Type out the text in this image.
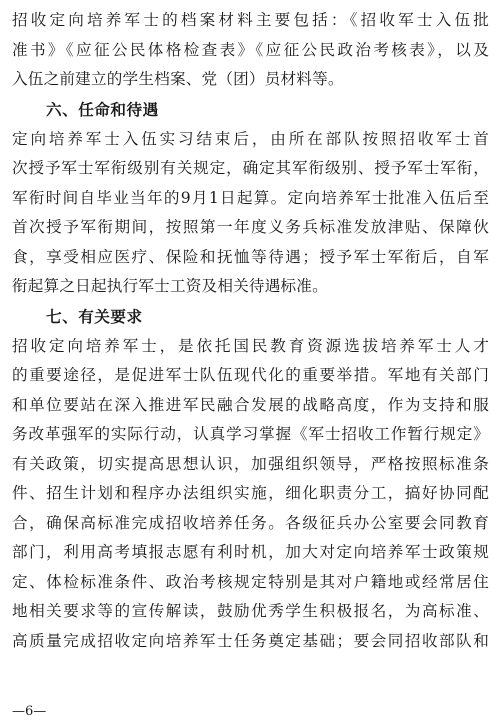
招收定向培养军士的档案材料主要包括：《招收军士入伍批
准书》《应征公民体格检查表》《应征公民政治考核表》，以及
入伍之前建立的学生档案、党（团）员材料等。
六、任命和待遇
定向培养军士入伍实习结束后，由所在部队按照招收军士首
次授予军士军衔级别有关规定，确定其军衔级别、授予军士军衔，
军衔时间自毕业当年的9月1日起算。定向培养军士批准入伍后至
首次授予军衔期间，按照第一年度义务兵标准发放津贴、保障伙
食，享受相应医疗、保险和抚恤等待遇；授予军士军衔后，自军
衔起算之日起执行军士工资及相关待遇标准。
七、有关要求
招收定向培养军士，是依托国民教育资源选拔培养军士人才
的重要途径，是促进军士队伍现代化的重要举措。军地有关部门
和单位要站在深入推进军民融合发展的战略高度，作为支持和服
务改革强军的实际行动，认真学习掌握《军士招收工作暂行规定》
有关政策，切实提高思想认识，加强组织领导，严格按照标准条
件、招生计划和程序办法组织实施，细化职责分工，搞好协同配
合，确保高标准完成招收培养任务。各级征兵办公室要会同教育
部门，利用高考填报志愿有利时机，加大对定向培养军士政策规
定、体检标准条件、政治考核规定特别是其对户籍地或经常居住
地相关要求等的宣传解读，鼓励优秀学生积极报名，为高标准、
高质量完成招收定向培养军士任务奠定基础；要会同招收部队和
—6—
